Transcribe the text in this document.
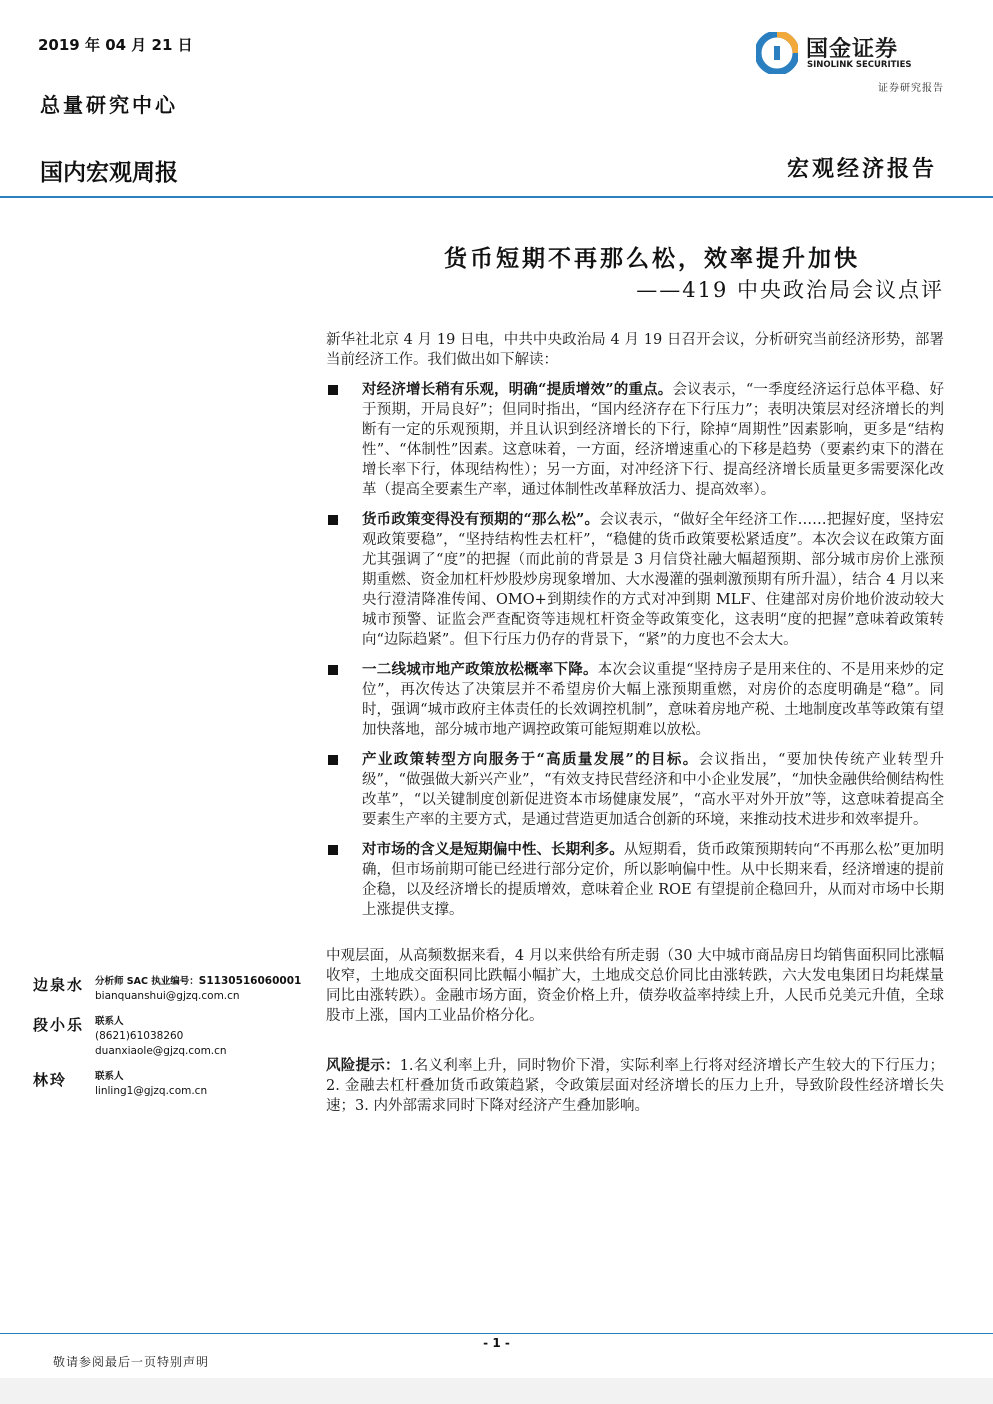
2019 年 04 月 21 日
总量研究中心
国内宏观周报
国金证券
SINOLINK SECURITIES
证券研究报告
宏观经济报告
货币短期不再那么松，效率提升加快
——419 中央政治局会议点评

新华社北京 4 月 19 日电，中共中央政治局 4 月 19 日召开会议，分析研究当前经济形势，部署当前经济工作。我们做出如下解读：

对经济增长稍有乐观，明确“提质增效”的重点。会议表示，“一季度经济运行总体平稳、好于预期，开局良好”；但同时指出，“国内经济存在下行压力”；表明决策层对经济增长的判断有一定的乐观预期，并且认识到经济增长的下行，除掉“周期性”因素影响，更多是“结构性”、“体制性”因素。这意味着，一方面，经济增速重心的下移是趋势（要素约束下的潜在增长率下行，体现结构性）；另一方面，对冲经济下行、提高经济增长质量更多需要深化改革（提高全要素生产率，通过体制性改革释放活力、提高效率）。
货币政策变得没有预期的“那么松”。会议表示，“做好全年经济工作……把握好度，坚持宏观政策要稳”，“坚持结构性去杠杆”，“稳健的货币政策要松紧适度”。本次会议在政策方面尤其强调了“度”的把握（而此前的背景是 3 月信贷社融大幅超预期、部分城市房价上涨预期重燃、资金加杠杆炒股炒房现象增加、大水漫灌的强刺激预期有所升温），结合 4 月以来央行澄清降准传闻、OMO+到期续作的方式对冲到期 MLF、住建部对房价地价波动较大城市预警、证监会严查配资等违规杠杆资金等政策变化，这表明“度的把握”意味着政策转向“边际趋紧”。但下行压力仍存的背景下，“紧”的力度也不会太大。
一二线城市地产政策放松概率下降。本次会议重提“坚持房子是用来住的、不是用来炒的定位”，再次传达了决策层并不希望房价大幅上涨预期重燃，对房价的态度明确是“稳”。同时，强调“城市政府主体责任的长效调控机制”，意味着房地产税、土地制度改革等政策有望加快落地，部分城市地产调控政策可能短期难以放松。
产业政策转型方向服务于“高质量发展”的目标。会议指出，“要加快传统产业转型升级”，“做强做大新兴产业”，“有效支持民营经济和中小企业发展”，“加快金融供给侧结构性改革”，“以关键制度创新促进资本市场健康发展”，“高水平对外开放”等，这意味着提高全要素生产率的主要方式，是通过营造更加适合创新的环境，来推动技术进步和效率提升。
对市场的含义是短期偏中性、长期利多。从短期看，货币政策预期转向“不再那么松”更加明确，但市场前期可能已经进行部分定价，所以影响偏中性。从中长期来看，经济增速的提前企稳，以及经济增长的提质增效，意味着企业 ROE 有望提前企稳回升，从而对市场中长期上涨提供支撑。

中观层面，从高频数据来看，4 月以来供给有所走弱（30 大中城市商品房日均销售面积同比涨幅收窄，土地成交面积同比跌幅小幅扩大，土地成交总价同比由涨转跌，六大发电集团日均耗煤量同比由涨转跌）。金融市场方面，资金价格上升，债券收益率持续上升，人民币兑美元升值，全球股市上涨，国内工业品价格分化。

风险提示：1.名义利率上升，同时物价下滑，实际利率上行将对经济增长产生较大的下行压力；2. 金融去杠杆叠加货币政策趋紧，令政策层面对经济增长的压力上升，导致阶段性经济增长失速；3. 内外部需求同时下降对经济产生叠加影响。

边泉水 分析师 SAC 执业编号：S1130516060001
bianquanshui@gjzq.com.cn
段小乐 联系人
(8621)61038260
duanxiaole@gjzq.com.cn
林玲	联系人
linling1@gjzq.com.cn
- 1 -
敬请参阅最后一页特别声明
